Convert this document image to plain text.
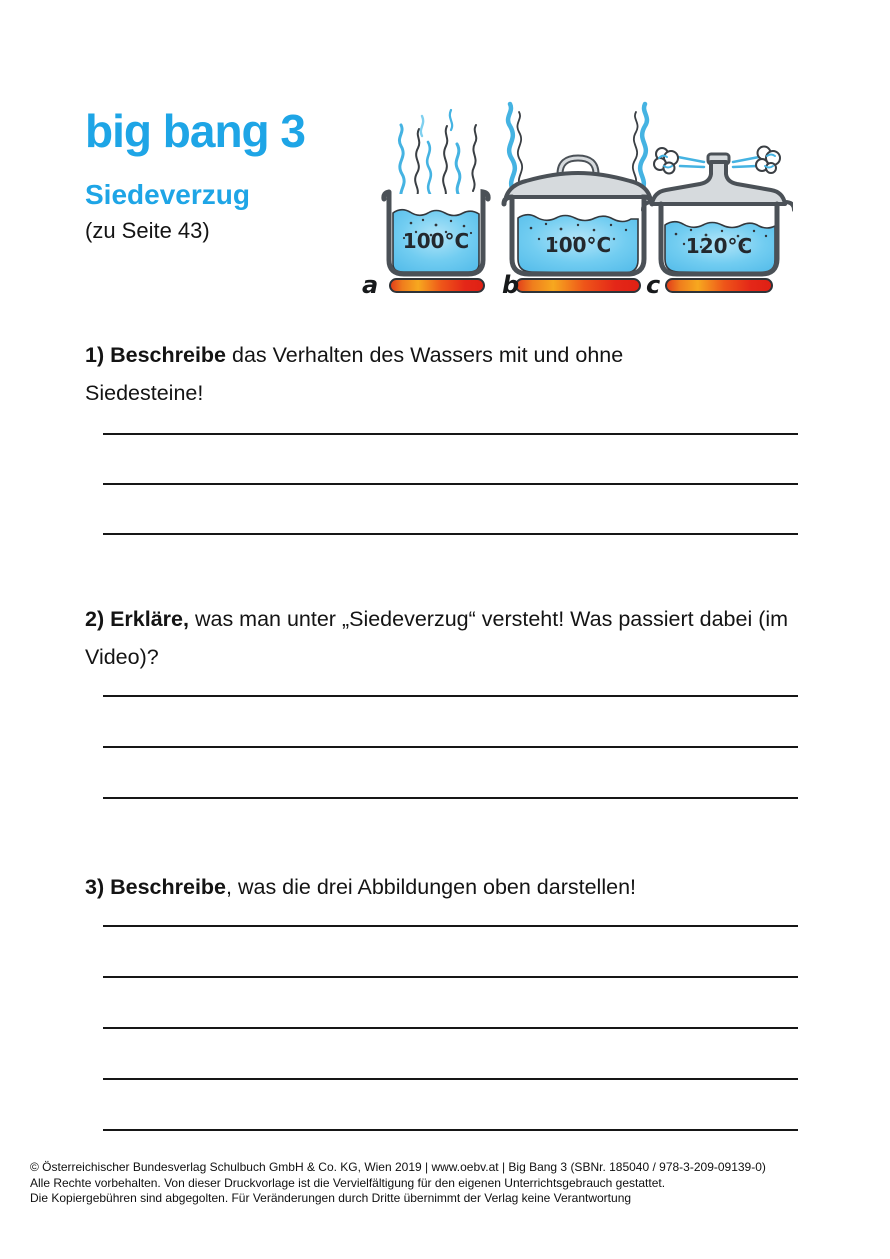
big bang 3
Siedeverzug
(zu Seite 43)	100°C
a
100°C
b
120°C
c

1) Beschreibe das Verhalten des Wassers mit und ohne Siedesteine!

2) Erkläre, was man unter „Siedeverzug“ versteht! Was passiert dabei (im Video)?

3) Beschreibe, was die drei Abbildungen oben darstellen!

© Österreichischer Bundesverlag Schulbuch GmbH & Co. KG, Wien 2019 | www.oebv.at | Big Bang 3 (SBNr. 185040 / 978-3-209-09139-0)
Alle Rechte vorbehalten. Von dieser Druckvorlage ist die Vervielfältigung für den eigenen Unterrichtsgebrauch gestattet.
Die Kopiergebühren sind abgegolten. Für Veränderungen durch Dritte übernimmt der Verlag keine Verantwortung
